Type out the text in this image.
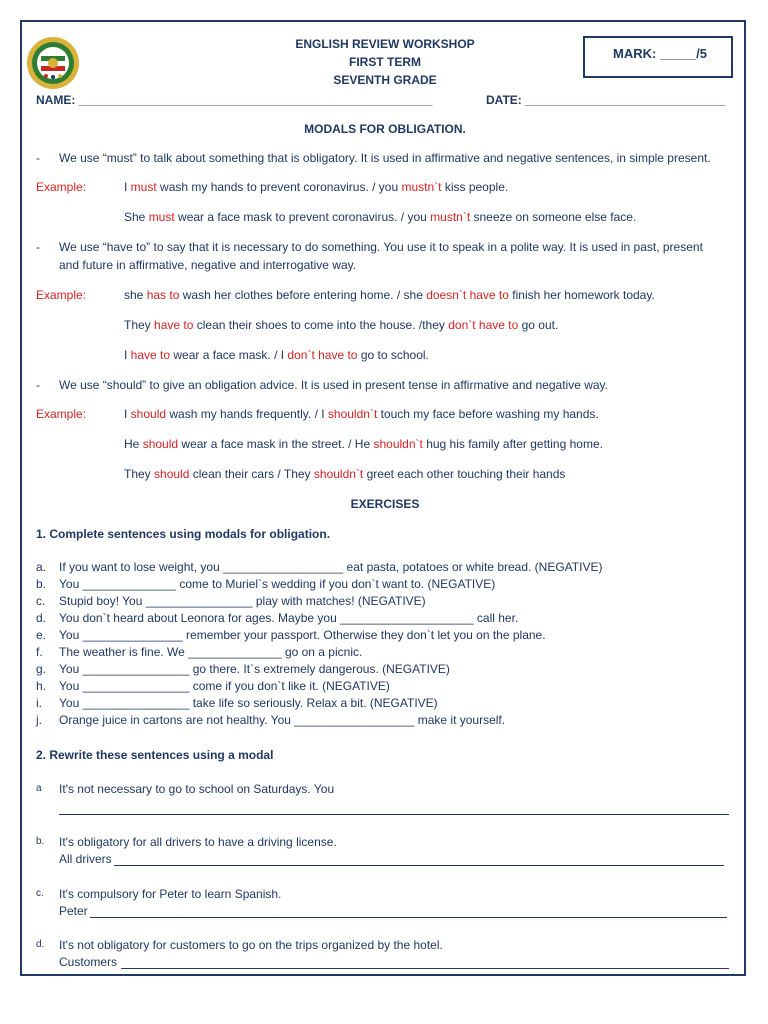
ENGLISH REVIEW WORKSHOP
FIRST TERM
SEVENTH GRADE
MARK: _____/5
NAME: _____________________________________________________	DATE: ______________________________
MODALS FOR OBLIGATION.
- We use “must” to talk about something that is obligatory. It is used in affirmative and negative sentences, in simple present.
Example:	I must wash my hands to prevent coronavirus. / you mustn`t kiss people.
She must wear a face mask to prevent coronavirus. / you mustn`t sneeze on someone else face.
- We use “have to” to say that it is necessary to do something. You use it to speak in a polite way. It is used in past, present
and future in affirmative, negative and interrogative way.
Example:	she has to wash her clothes before entering home. / she doesn`t have to finish her homework today.
They have to clean their shoes to come into the house. /they don`t have to go out.
I have to wear a face mask. / I don`t have to go to school.
- We use “should” to give an obligation advice. It is used in present tense in affirmative and negative way.
Example:	I should wash my hands frequently. / I shouldn`t touch my face before washing my hands.
He should wear a face mask in the street. / He shouldn`t hug his family after getting home.
They should clean their cars / They shouldn`t greet each other touching their hands
EXERCISES
1. Complete sentences using modals for obligation.
a. If you want to lose weight, you __________________ eat pasta, potatoes or white bread. (NEGATIVE)
b. You ______________ come to Muriel`s wedding if you don`t want to. (NEGATIVE)
c. Stupid boy! You ________________ play with matches! (NEGATIVE)
d. You don`t heard about Leonora for ages. Maybe you ____________________ call her.
e. You _______________ remember your passport. Otherwise they don`t let you on the plane.
f. The weather is fine. We ______________ go on a picnic.
g. You ________________ go there. It`s extremely dangerous. (NEGATIVE)
h. You ________________ come if you don`t like it. (NEGATIVE)
i. You ________________ take life so seriously. Relax a bit. (NEGATIVE)
j. Orange juice in cartons are not healthy. You __________________ make it yourself.
2. Rewrite these sentences using a modal
a It's not necessary to go to school on Saturdays. You
b. It's obligatory for all drivers to have a driving license.
All drivers
c. It's compulsory for Peter to learn Spanish.
Peter
d. It's not obligatory for customers to go on the trips organized by the hotel.
Customers
